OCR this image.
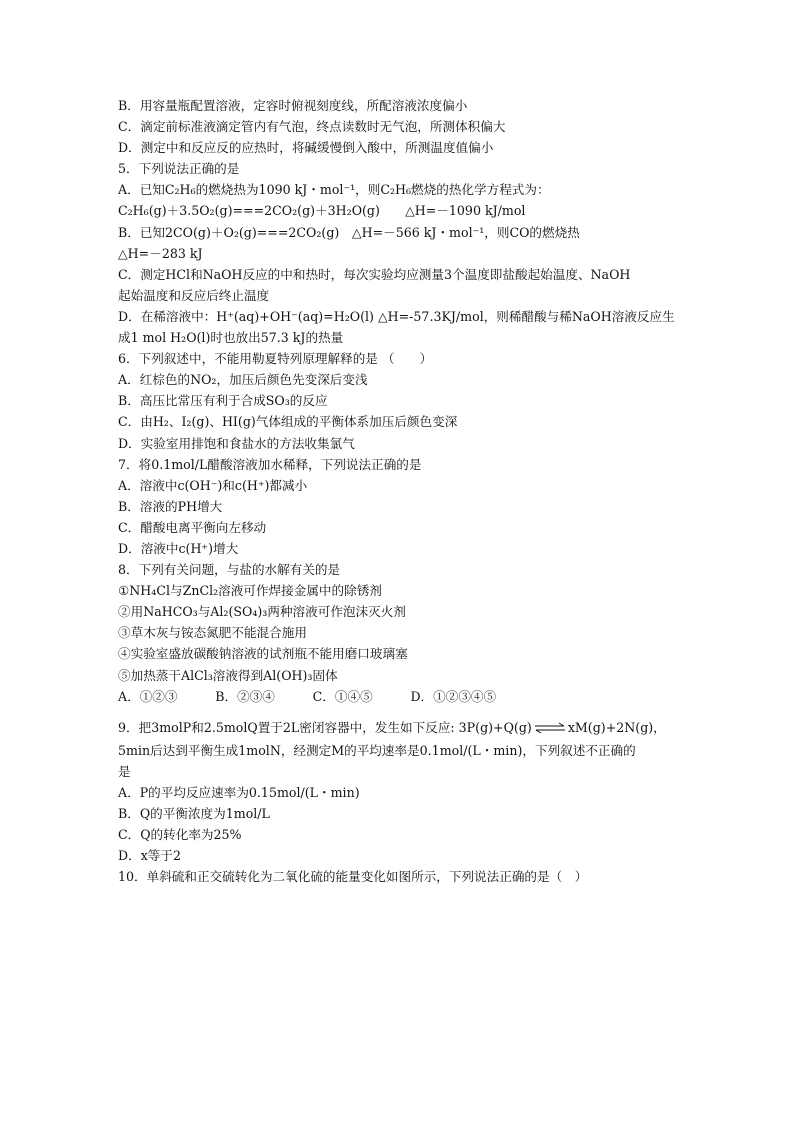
B．用容量瓶配置溶液，定容时俯视刻度线，所配溶液浓度偏小
C．滴定前标准液滴定管内有气泡，终点读数时无气泡，所测体积偏大
D．测定中和反应反的应热时，将碱缓慢倒入酸中，所测温度值偏小
5．下列说法正确的是
A．已知C₂H₆的燃烧热为1090 kJ・mol⁻¹，则C₂H₆燃烧的热化学方程式为：
C₂H₆(g)＋3.5O₂(g)===2CO₂(g)＋3H₂O(g)　　△H=－1090 kJ/mol
B．已知2CO(g)＋O₂(g)===2CO₂(g)　△H=－566 kJ・mol⁻¹，则CO的燃烧热
△H=－283 kJ
C．测定HCl和NaOH反应的中和热时，每次实验均应测量3个温度即盐酸起始温度、NaOH
起始温度和反应后终止温度
D．在稀溶液中：H⁺(aq)+OH⁻(aq)=H₂O(l) △H=-57.3KJ/mol，则稀醋酸与稀NaOH溶液反应生
成1 mol H₂O(l)时也放出57.3 kJ的热量
6．下列叙述中，不能用勒夏特列原理解释的是 （　　）
A．红棕色的NO₂，加压后颜色先变深后变浅
B．高压比常压有利于合成SO₃的反应
C．由H₂、I₂(g)、HI(g)气体组成的平衡体系加压后颜色变深
D．实验室用排饱和食盐水的方法收集氯气
7．将0.1mol/L醋酸溶液加水稀释，下列说法正确的是
A．溶液中c(OH⁻)和c(H⁺)都减小
B．溶液的PH增大
C．醋酸电离平衡向左移动
D．溶液中c(H⁺)增大
8．下列有关问题，与盐的水解有关的是
①NH₄Cl与ZnCl₂溶液可作焊接金属中的除锈剂
②用NaHCO₃与Al₂(SO₄)₃两种溶液可作泡沫灭火剂
③草木灰与铵态氮肥不能混合施用
④实验室盛放碳酸钠溶液的试剂瓶不能用磨口玻璃塞
⑤加热蒸干AlCl₃溶液得到Al(OH)₃固体
A．①②③　　　B．②③④　　　C．①④⑤　　　D．①②③④⑤
9．把3molP和2.5molQ置于2L密闭容器中，发生如下反应: 3P(g)+Q(g) ⇌ xM(g)+2N(g)，
5min后达到平衡生成1molN，经测定M的平均速率是0.1mol/(L・min)，下列叙述不正确的
是
A．P的平均反应速率为0.15mol/(L・min)
B．Q的平衡浓度为1mol/L
C．Q的转化率为25%
D．x等于2
10．单斜硫和正交硫转化为二氧化硫的能量变化如图所示，下列说法正确的是（　）
